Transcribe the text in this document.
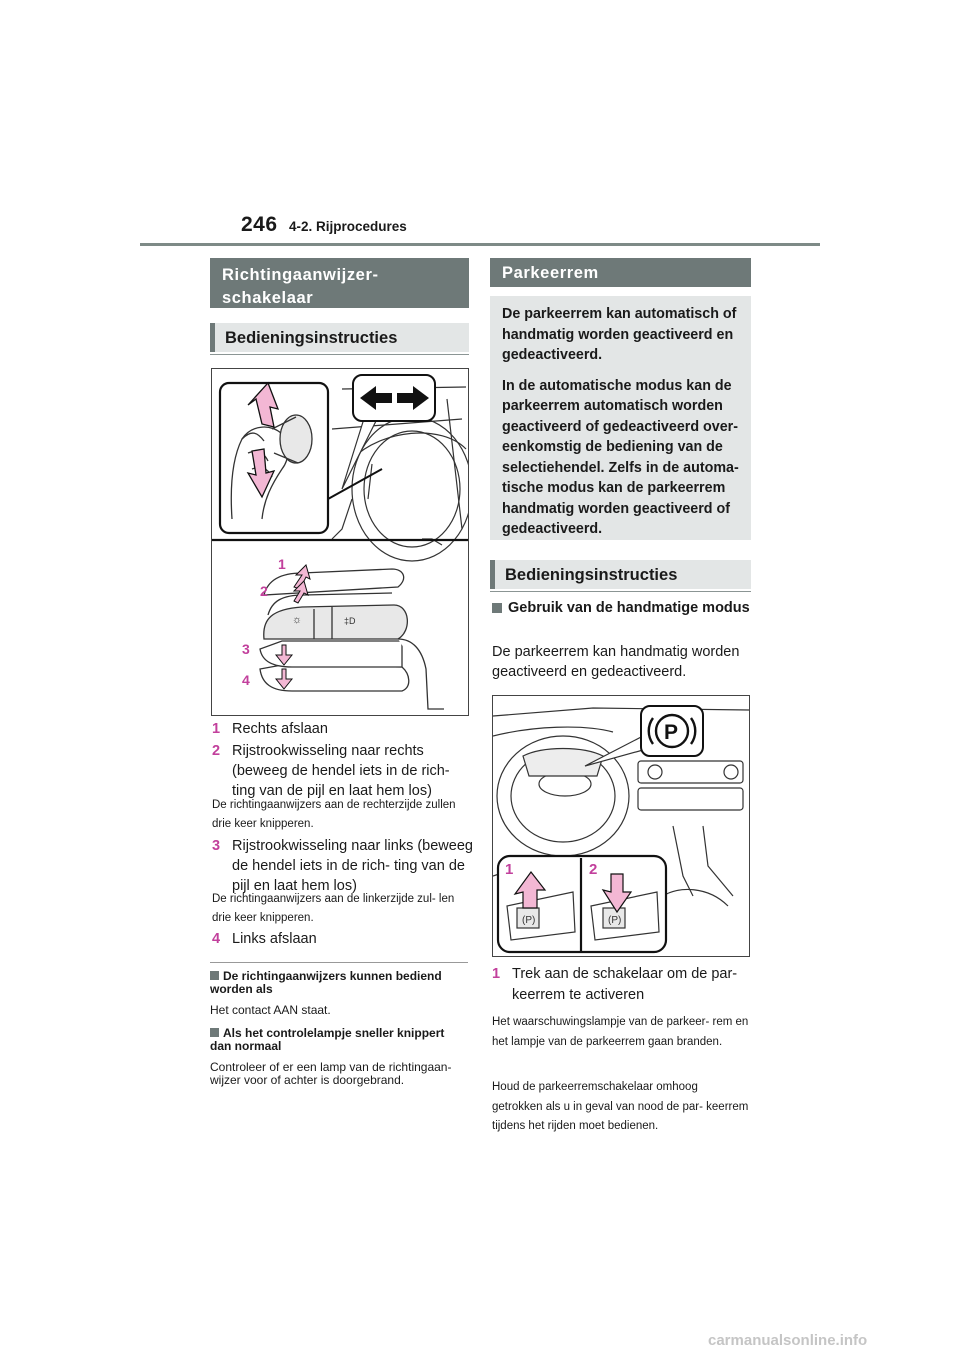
246 4-2. Rijprocedures
Richtingaanwijzer-
schakelaar
Bedieningsinstructies
☼	‡D
1
2
3
4
1 Rechts afslaan
2 Rijstrookwisseling naar rechts (beweeg de hendel iets in de rich- ting van de pijl en laat hem los)
De richtingaanwijzers aan de rechterzijde zullen drie keer knipperen.
3 Rijstrookwisseling naar links (beweeg de hendel iets in de rich- ting van de pijl en laat hem los)
De richtingaanwijzers aan de linkerzijde zul- len drie keer knipperen.
4 Links afslaan
De richtingaanwijzers kunnen bediend worden als
Het contact AAN staat.
Als het controlelampje sneller knippert dan normaal
Controleer of er een lamp van de richtingaan- wijzer voor of achter is doorgebrand.
Parkeerrem

De parkeerrem kan automatisch of handmatig worden geactiveerd en gedeactiveerd.

In de automatische modus kan de parkeerrem automatisch worden geactiveerd of gedeactiveerd over- eenkomstig de bediening van de selectiehendel. Zelfs in de automa- tische modus kan de parkeerrem handmatig worden geactiveerd of gedeactiveerd.

Bedieningsinstructies
Gebruik van de handmatige modus
De parkeerrem kan handmatig worden geactiveerd en gedeactiveerd.
P
(P)	(P)
1	2
1 Trek aan de schakelaar om de par- keerrem te activeren
Het waarschuwingslampje van de parkeer- rem en het lampje van de parkeerrem gaan branden.
Houd de parkeerremschakelaar omhoog getrokken als u in geval van nood de par- keerrem tijdens het rijden moet bedienen.
carmanualsonline.info
